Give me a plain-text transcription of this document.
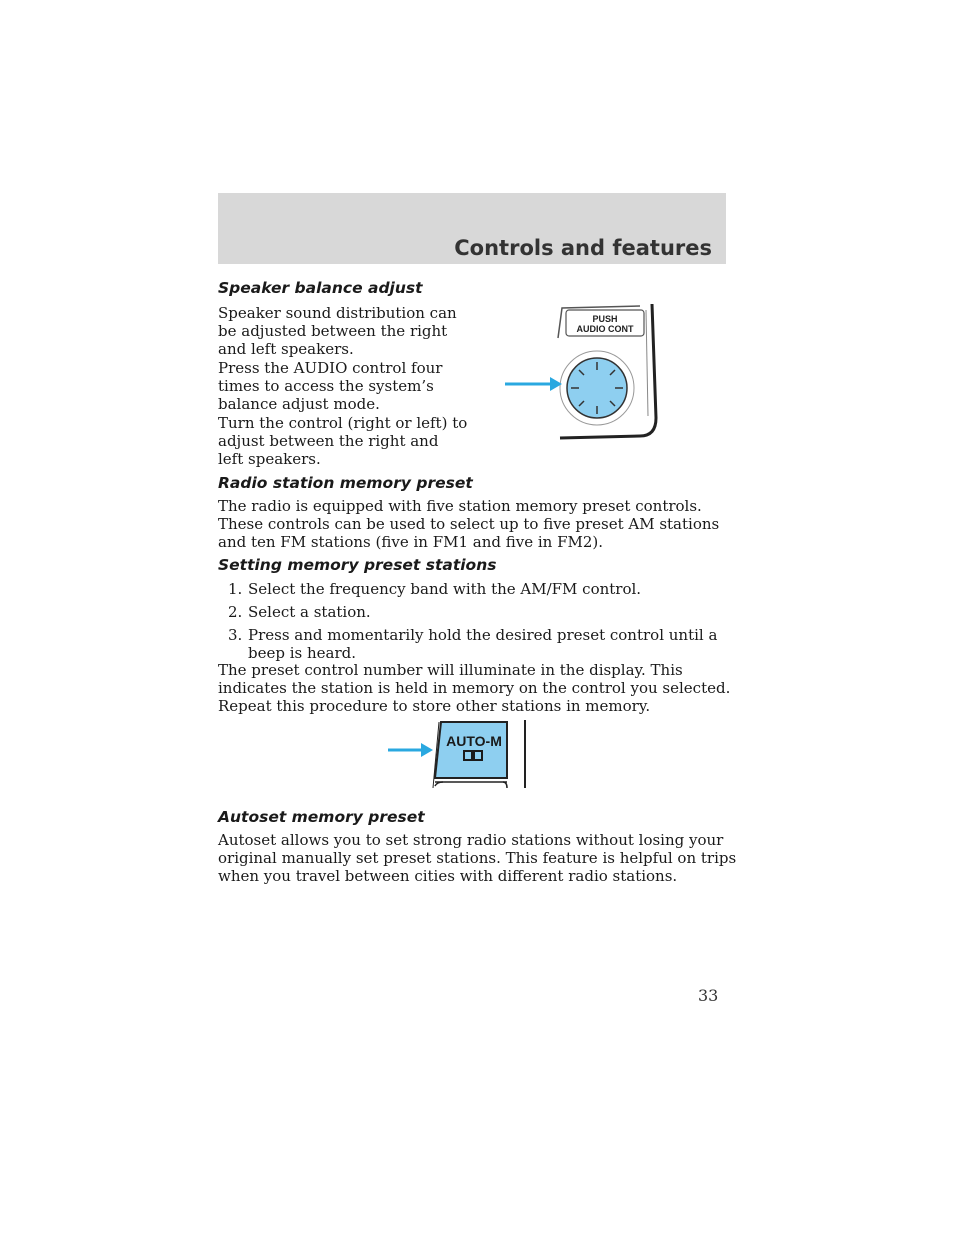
Controls and features
Speaker balance adjust

Speaker sound distribution can be adjusted between the right and left speakers.

Press the AUDIO control four times to access the system’s balance adjust mode.

Turn the control (right or left) to adjust between the right and left speakers.

PUSH
AUDIO CONT
Radio station memory preset

The radio is equipped with five station memory preset controls. These controls can be used to select up to five preset AM stations and ten FM stations (five in FM1 and five in FM2).

Setting memory preset stations
1. Select the frequency band with the AM/FM control.
2. Select a station.
3. Press and momentarily hold the desired preset control until a beep is heard.

The preset control number will illuminate in the display. This indicates the station is held in memory on the control you selected. Repeat this procedure to store other stations in memory.

AUTO-M
Autoset memory preset

Autoset allows you to set strong radio stations without losing your original manually set preset stations. This feature is helpful on trips when you travel between cities with different radio stations.

33
